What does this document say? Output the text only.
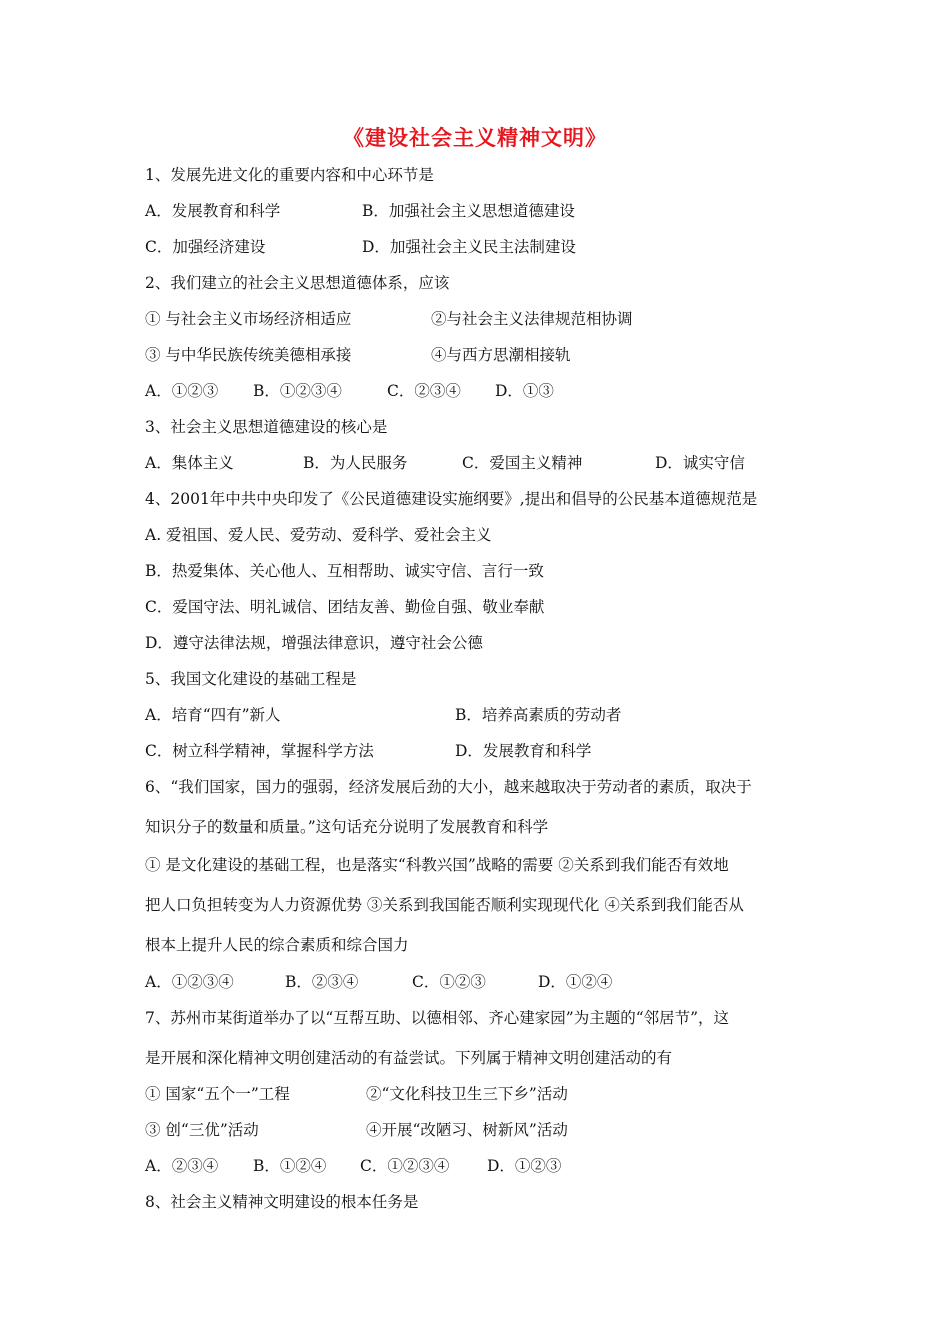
《建设社会主义精神文明》
1、发展先进文化的重要内容和中心环节是
A．发展教育和科学	B．加强社会主义思想道德建设
C．加强经济建设	D．加强社会主义民主法制建设
2、我们建立的社会主义思想道德体系，应该
① 与社会主义市场经济相适应	②与社会主义法律规范相协调
③ 与中华民族传统美德相承接	④与西方思潮相接轨
A．①②③ B．①②③④	C．②③④ D．①③
3、社会主义思想道德建设的核心是
A．集体主义	B．为人民服务	C．爱国主义精神	D．诚实守信
4、2001年中共中央印发了《公民道德建设实施纲要》,提出和倡导的公民基本道德规范是
A. 爱祖国、爱人民、爱劳动、爱科学、爱社会主义
B．热爱集体、关心他人、互相帮助、诚实守信、言行一致
C．爱国守法、明礼诚信、团结友善、勤俭自强、敬业奉献
D．遵守法律法规，增强法律意识，遵守社会公德
5、我国文化建设的基础工程是
A．培育“四有”新人	B．培养高素质的劳动者
C．树立科学精神，掌握科学方法	D．发展教育和科学
6、“我们国家，国力的强弱，经济发展后劲的大小，越来越取决于劳动者的素质，取决于
知识分子的数量和质量。”这句话充分说明了发展教育和科学
① 是文化建设的基础工程，也是落实“科教兴国”战略的需要 ②关系到我们能否有效地
把人口负担转变为人力资源优势 ③关系到我国能否顺利实现现代化 ④关系到我们能否从
根本上提升人民的综合素质和综合国力
A．①②③④	B．②③④	C．①②③	D．①②④
7、苏州市某街道举办了以“互帮互助、以德相邻、齐心建家园”为主题的“邻居节”，这
是开展和深化精神文明创建活动的有益尝试。下列属于精神文明创建活动的有
① 国家“五个一”工程	②“文化科技卫生三下乡”活动
③ 创“三优”活动	④开展“改陋习、树新风”活动
A．②③④ B．①②④ C．①②③④ D．①②③
8、社会主义精神文明建设的根本任务是
